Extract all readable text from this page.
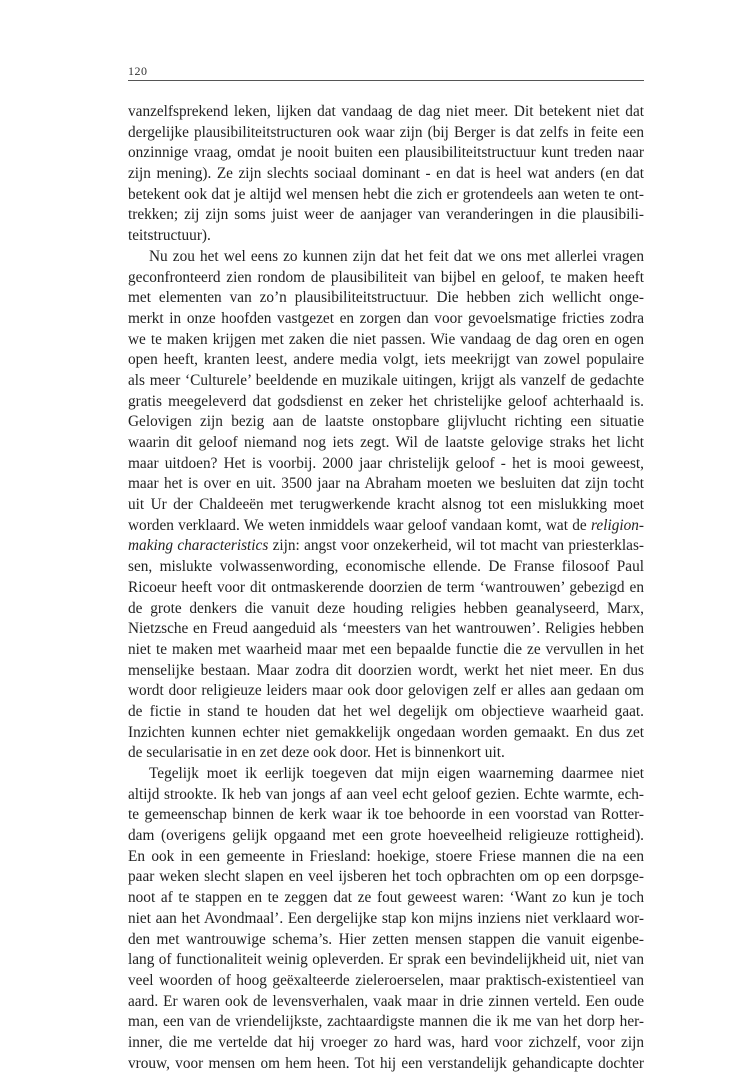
120
vanzelfsprekend leken, lijken dat vandaag de dag niet meer. Dit betekent niet dat
dergelijke plausibiliteitstructuren ook waar zijn (bij Berger is dat zelfs in feite een
onzinnige vraag, omdat je nooit buiten een plausibiliteitstructuur kunt treden naar
zijn mening). Ze zijn slechts sociaal dominant - en dat is heel wat anders (en dat
betekent ook dat je altijd wel mensen hebt die zich er grotendeels aan weten te ont-
trekken; zij zijn soms juist weer de aanjager van veranderingen in die plausibili-
teitstructuur).
Nu zou het wel eens zo kunnen zijn dat het feit dat we ons met allerlei vragen
geconfronteerd zien rondom de plausibiliteit van bijbel en geloof, te maken heeft
met elementen van zo’n plausibiliteitstructuur. Die hebben zich wellicht onge-
merkt in onze hoofden vastgezet en zorgen dan voor gevoelsmatige fricties zodra
we te maken krijgen met zaken die niet passen. Wie vandaag de dag oren en ogen
open heeft, kranten leest, andere media volgt, iets meekrijgt van zowel populaire
als meer ‘Culturele’ beeldende en muzikale uitingen, krijgt als vanzelf de gedachte
gratis meegeleverd dat godsdienst en zeker het christelijke geloof achterhaald is.
Gelovigen zijn bezig aan de laatste onstopbare glijvlucht richting een situatie
waarin dit geloof niemand nog iets zegt. Wil de laatste gelovige straks het licht
maar uitdoen? Het is voorbij. 2000 jaar christelijk geloof - het is mooi geweest,
maar het is over en uit. 3500 jaar na Abraham moeten we besluiten dat zijn tocht
uit Ur der Chaldeeën met terugwerkende kracht alsnog tot een mislukking moet
worden verklaard. We weten inmiddels waar geloof vandaan komt, wat de religion-
making characteristics zijn: angst voor onzekerheid, wil tot macht van priesterklas-
sen, mislukte volwassenwording, economische ellende. De Franse filosoof Paul
Ricoeur heeft voor dit ontmaskerende doorzien de term ‘wantrouwen’ gebezigd en
de grote denkers die vanuit deze houding religies hebben geanalyseerd, Marx,
Nietzsche en Freud aangeduid als ‘meesters van het wantrouwen’. Religies hebben
niet te maken met waarheid maar met een bepaalde functie die ze vervullen in het
menselijke bestaan. Maar zodra dit doorzien wordt, werkt het niet meer. En dus
wordt door religieuze leiders maar ook door gelovigen zelf er alles aan gedaan om
de fictie in stand te houden dat het wel degelijk om objectieve waarheid gaat.
Inzichten kunnen echter niet gemakkelijk ongedaan worden gemaakt. En dus zet
de secularisatie in en zet deze ook door. Het is binnenkort uit.
Tegelijk moet ik eerlijk toegeven dat mijn eigen waarneming daarmee niet
altijd strookte. Ik heb van jongs af aan veel echt geloof gezien. Echte warmte, ech-
te gemeenschap binnen de kerk waar ik toe behoorde in een voorstad van Rotter-
dam (overigens gelijk opgaand met een grote hoeveelheid religieuze rottigheid).
En ook in een gemeente in Friesland: hoekige, stoere Friese mannen die na een
paar weken slecht slapen en veel ijsberen het toch opbrachten om op een dorpsge-
noot af te stappen en te zeggen dat ze fout geweest waren: ‘Want zo kun je toch
niet aan het Avondmaal’. Een dergelijke stap kon mijns inziens niet verklaard wor-
den met wantrouwige schema’s. Hier zetten mensen stappen die vanuit eigenbe-
lang of functionaliteit weinig opleverden. Er sprak een bevindelijkheid uit, niet van
veel woorden of hoog geëxalteerde zieleroerselen, maar praktisch-existentieel van
aard. Er waren ook de levensverhalen, vaak maar in drie zinnen verteld. Een oude
man, een van de vriendelijkste, zachtaardigste mannen die ik me van het dorp her-
inner, die me vertelde dat hij vroeger zo hard was, hard voor zichzelf, voor zijn
vrouw, voor mensen om hem heen. Tot hij een verstandelijk gehandicapte dochter
